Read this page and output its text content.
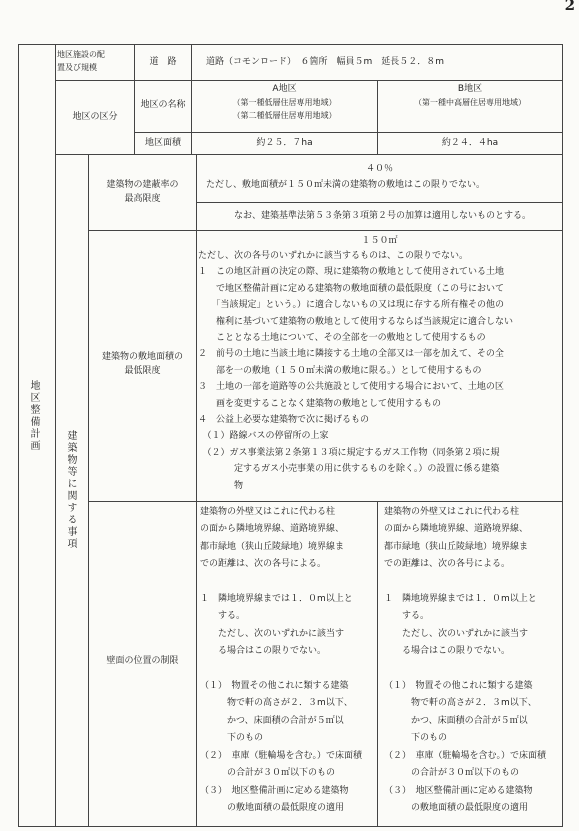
2
地区施設の配
置及び規模
道　路	道路（コモンロード）　６箇所　幅員５m　延長５２．８m
地区の区分
地区の名称
地区面積
A地区
（第一種低層住居専用地域）
（第二種低層住居専用地域）
B地区
（第一種中高層住居専用地域）
約２５．７ha	約２４．４ha
地区整備計画
建築物等に関する事項
建築物の建蔽率の
最高限度
４０％
ただし、敷地面積が１５０㎡未満の建築物の敷地はこの限りでない。
なお、建築基準法第５３条第３項第２号の加算は適用しないものとする。
建築物の敷地面積の
最低限度
１５０㎡
ただし、次の各号のいずれかに該当するものは、この限りでない。
１　この地区計画の決定の際、現に建築物の敷地として使用されている土地
　　で地区整備計画に定める建築物の敷地面積の最低限度（この号において
　　「当該規定」という。）に適合しないもの又は現に存する所有権その他の
　　権利に基づいて建築物の敷地として使用するならば当該規定に適合しない
　　こととなる土地について、その全部を一の敷地として使用するもの
２　前号の土地に当該土地に隣接する土地の全部又は一部を加えて、その全
　　部を一の敷地（１５０㎡未満の敷地に限る。）として使用するもの
３　土地の一部を道路等の公共施設として使用する場合において、土地の区
　　画を変更することなく建築物の敷地として使用するもの
４　公益上必要な建築物で次に掲げるもの
　（１）路線バスの停留所の上家
　（２）ガス事業法第２条第１３項に規定するガス工作物（同条第２項に規
　　　　定するガス小売事業の用に供するものを除く。）の設置に係る建築
　　　　物
壁面の位置の制限
建築物の外壁又はこれに代わる柱
の面から隣地境界線、道路境界線、
都市緑地（狭山丘陵緑地）境界線ま
での距離は、次の各号による。

１　隣地境界線までは１．０m以上と
　　する。
　　ただし、次のいずれかに該当す
　　る場合はこの限りでない。

（１）　物置その他これに類する建築
　　　物で軒の高さが２．３m以下、
　　　かつ、床面積の合計が５㎡以
　　　下のもの
（２）　車庫（駐輪場を含む。）で床面積
　　　の合計が３０㎡以下のもの
（３）　地区整備計画に定める建築物
　　　の敷地面積の最低限度の適用
建築物の外壁又はこれに代わる柱
の面から隣地境界線、道路境界線、
都市緑地（狭山丘陵緑地）境界線ま
での距離は、次の各号による。

１　隣地境界線までは１．０m以上と
　　する。
　　ただし、次のいずれかに該当す
　　る場合はこの限りでない。

（１）　物置その他これに類する建築
　　　物で軒の高さが２．３m以下、
　　　かつ、床面積の合計が５㎡以
　　　下のもの
（２）　車庫（駐輪場を含む。）で床面積
　　　の合計が３０㎡以下のもの
（３）　地区整備計画に定める建築物
　　　の敷地面積の最低限度の適用
